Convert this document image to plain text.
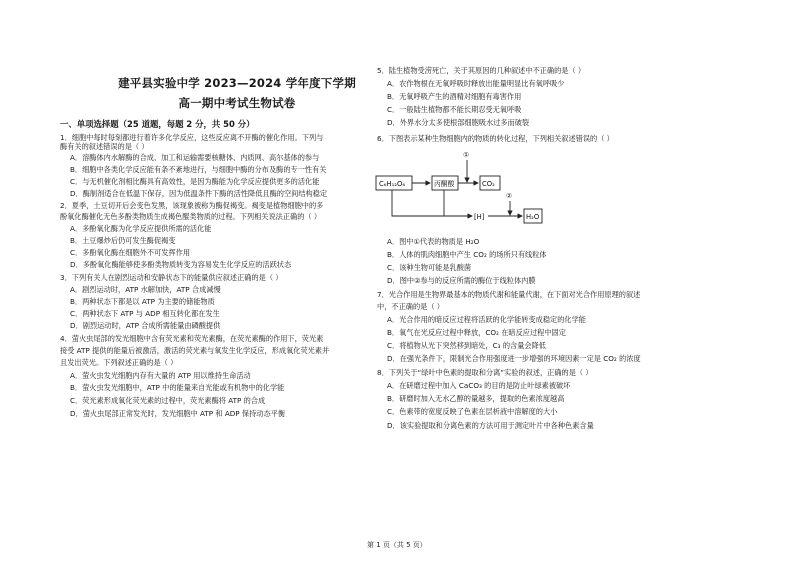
建平县实验中学 2023—2024 学年度下学期
高一期中考试生物试卷
一、单项选择题（25 道题，每题 2 分，共 50 分）
1．细胞中每时每刻都进行着许多化学反应，这些反应离不开酶的催化作用。下列与
酶有关的叙述错误的是（ ）
A．溶酶体内水解酶的合成、加工和运输需要核糖体、内质网、高尔基体的参与
B．细胞中各类化学反应能有条不紊地进行，与细胞中酶的分布及酶的专一性有关
C．与无机催化剂相比酶具有高效性，是因为酶能为化学反应提供更多的活化能
D．酶制剂适合在低温下保存，因为低温条件下酶的活性降低且酶的空间结构稳定
2．夏季，土豆切开后会变色发黑，该现象被称为酶促褐变。褐变是植物细胞中的多
酚氧化酶催化无色多酚类物质生成褐色醌类物质的过程。下列相关说法正确的（ ）
A．多酚氧化酶为化学反应提供所需的活化能
B．土豆爆炒后仍可发生酶促褐变
C．多酚氧化酶在细胞外不可发挥作用
D．多酚氧化酶能够使多酚类物质转变为容易发生化学反应的活跃状态
3．下列有关人在剧烈运动和安静状态下的能量供应叙述正确的是（ ）
A．剧烈运动时，ATP 水解加快，ATP 合成减慢
B．两种状态下都是以 ATP 为主要的储能物质
C．两种状态下 ATP 与 ADP 相互转化都在发生
D．剧烈运动时，ATP 合成所需能量由磷酸提供
4．萤火虫尾部的发光细胞中含有荧光素和荧光素酶，在荧光素酶的作用下，荧光素
接受 ATP 提供的能量后被激活，激活的荧光素与氧发生化学反应，形成氧化荧光素并
且发出荧光。下列叙述正确的是（ ）
A．萤火虫发光细胞内存有大量的 ATP 用以维持生命活动
B．萤火虫发光细胞中，ATP 中的能量来自光能或有机物中的化学能
C．荧光素形成氧化荧光素的过程中，荧光素酶将 ATP 的合成
D．萤火虫尾部正常发光时，发光细胞中 ATP 和 ADP 保持动态平衡
5．陆生植物受涝死亡，关于其原因的几种叙述中不正确的是（ ）
A．农作物根在无氧呼吸时释放出能量明显比有氧呼吸少
B．无氧呼吸产生的酒精对细胞有毒害作用
C．一般陆生植物都不能长期忍受无氧呼吸
D．外界水分太多使根部细胞吸水过多而破裂
6．下图表示某种生物细胞内的物质的转化过程，下列相关叙述错误的（ ）
C₆H₁₂O₆	丙酮酸	CO₂
①
[H]
②
H₂O
A．图中①代表的物质是 H₂O
B．人体的肌肉细胞中产生 CO₂ 的场所只有线粒体
C．该种生物可能是乳酸菌
D．图中②参与的反应所需的酶位于线粒体内膜
7．光合作用是生物界最基本的物质代谢和能量代谢，在下面对光合作用原理的叙述
中，不正确的是（ ）
A．光合作用的暗反应过程将活跃的化学能转变成稳定的化学能
B．氧气在光反应过程中释放，CO₂ 在暗反应过程中固定
C．将植物从光下突然移到暗处，C₃ 的含量会降低
D．在强光条件下，限制光合作用强度进一步增强的环境因素一定是 CO₂ 的浓度
8．下列关于“绿叶中色素的提取和分离”实验的叙述，正确的是（ ）
A．在研磨过程中加入 CaCO₃ 的目的是防止叶绿素被破坏
B．研磨时加入无水乙醇的量越多，提取的色素浓度越高
C．色素带的宽度反映了色素在层析液中溶解度的大小
D．该实验提取和分离色素的方法可用于测定叶片中各种色素含量
第 1 页（共 5 页）
